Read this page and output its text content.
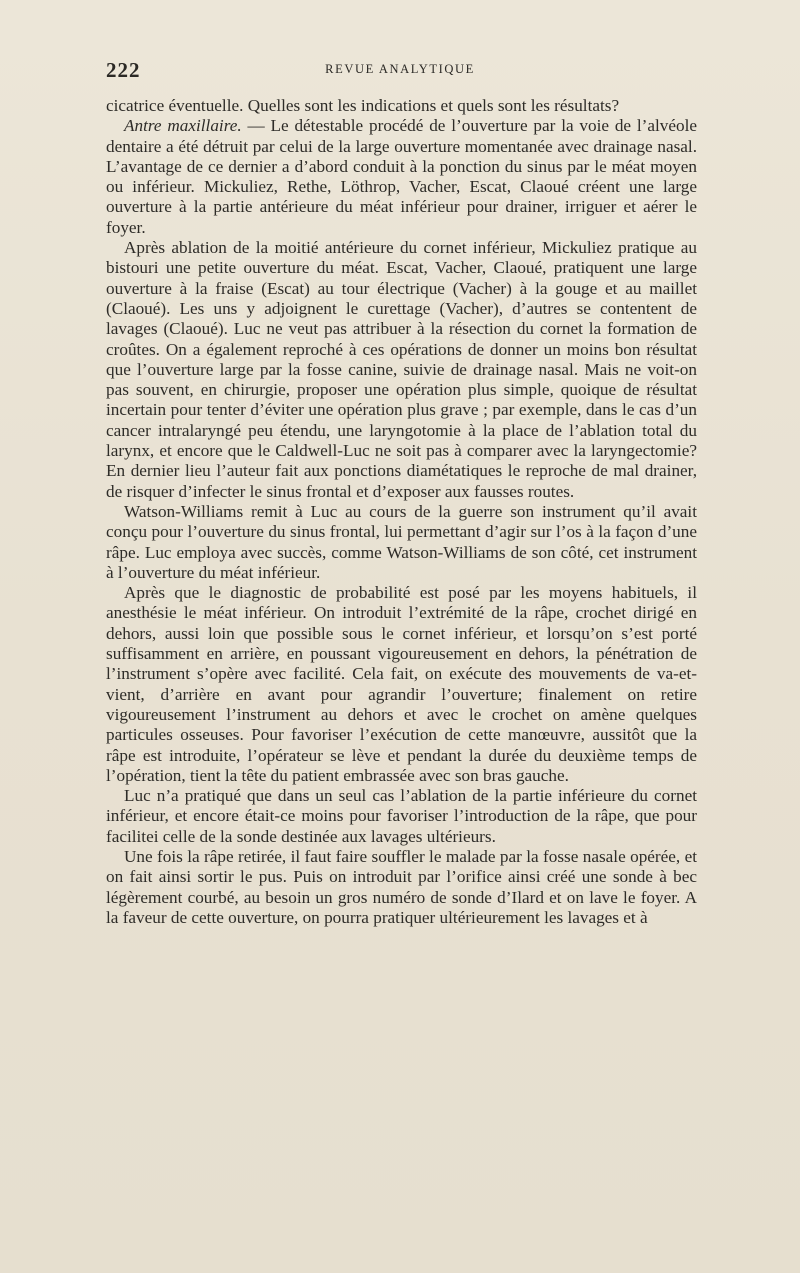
222	REVUE ANALYTIQUE

cicatrice éventuelle. Quelles sont les indications et quels sont les résultats?

Antre maxillaire. — Le détestable procédé de l’ouverture par la voie de l’alvéole dentaire a été détruit par celui de la large ouverture momentanée avec drainage nasal. L’avantage de ce dernier a d’abord conduit à la ponction du sinus par le méat moyen ou inférieur. Mickuliez, Rethe, Löthrop, Vacher, Escat, Claoué créent une large ouverture à la partie antérieure du méat inférieur pour drainer, irriguer et aérer le foyer.

Après ablation de la moitié antérieure du cornet inférieur, Mickuliez pratique au bistouri une petite ouverture du méat. Escat, Vacher, Claoué, pratiquent une large ouverture à la fraise (Escat) au tour électrique (Vacher) à la gouge et au maillet (Claoué). Les uns y adjoignent le curettage (Vacher), d’autres se contentent de lavages (Claoué). Luc ne veut pas attribuer à la résection du cornet la formation de croûtes. On a également reproché à ces opérations de donner un moins bon résultat que l’ouverture large par la fosse canine, suivie de drainage nasal. Mais ne voit-on pas souvent, en chirurgie, proposer une opération plus simple, quoique de résultat incertain pour tenter d’éviter une opération plus grave ; par exemple, dans le cas d’un cancer intralaryngé peu étendu, une laryngotomie à la place de l’ablation total du larynx, et encore que le Caldwell-Luc ne soit pas à comparer avec la laryngectomie? En dernier lieu l’auteur fait aux ponctions diamétatiques le reproche de mal drainer, de risquer d’infecter le sinus frontal et d’exposer aux fausses routes.

Watson-Williams remit à Luc au cours de la guerre son instrument qu’il avait conçu pour l’ouverture du sinus frontal, lui permettant d’agir sur l’os à la façon d’une râpe. Luc employa avec succès, comme Watson-Williams de son côté, cet instrument à l’ouverture du méat inférieur.

Après que le diagnostic de probabilité est posé par les moyens habituels, il anesthésie le méat inférieur. On introduit l’extrémité de la râpe, crochet dirigé en dehors, aussi loin que possible sous le cornet inférieur, et lorsqu’on s’est porté suffisamment en arrière, en poussant vigoureusement en dehors, la pénétration de l’instrument s’opère avec facilité. Cela fait, on exécute des mouvements de va-et-vient, d’arrière en avant pour agrandir l’ouverture; finalement on retire vigoureusement l’instrument au dehors et avec le crochet on amène quelques particules osseuses. Pour favoriser l’exécution de cette manœuvre, aussitôt que la râpe est introduite, l’opérateur se lève et pendant la durée du deuxième temps de l’opération, tient la tête du patient embrassée avec son bras gauche.

Luc n’a pratiqué que dans un seul cas l’ablation de la partie inférieure du cornet inférieur, et encore était-ce moins pour favoriser l’introduction de la râpe, que pour facilitei celle de la sonde destinée aux lavages ultérieurs.

Une fois la râpe retirée, il faut faire souffler le malade par la fosse nasale opérée, et on fait ainsi sortir le pus. Puis on introduit par l’orifice ainsi créé une sonde à bec légèrement courbé, au besoin un gros numéro de sonde d’Ilard et on lave le foyer. A la faveur de cette ouverture, on pourra pratiquer ultérieurement les lavages et à
